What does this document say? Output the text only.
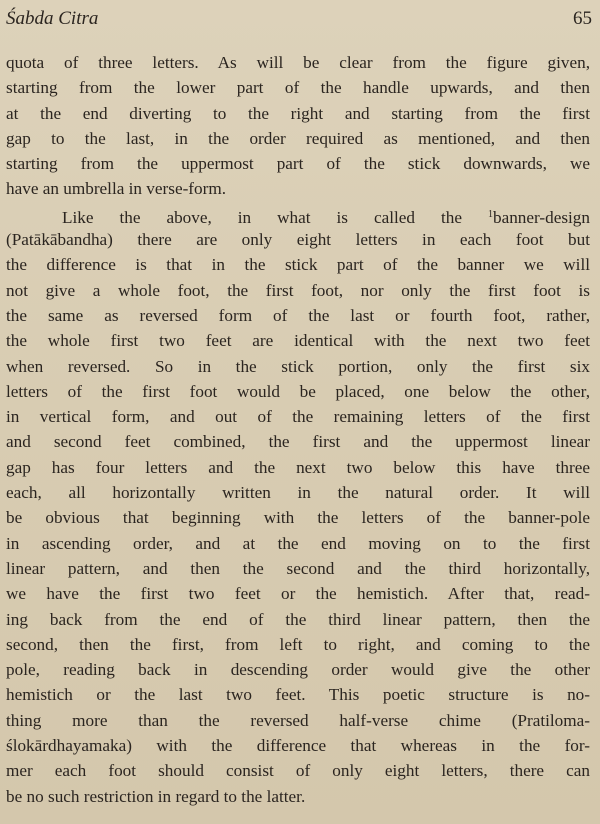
Śabda Citra	65
quota of three letters. As will be clear from the figure given,
starting from the lower part of the handle upwards, and then
at the end diverting to the right and starting from the first
gap to the last, in the order required as mentioned, and then
starting from the uppermost part of the stick downwards, we
have an umbrella in verse-form.
Like the above, in what is called the $^1$banner-design
(Patākābandha) there are only eight letters in each foot but
the difference is that in the stick part of the banner we will
not give a whole foot, the first foot, nor only the first foot is
the same as reversed form of the last or fourth foot, rather,
the whole first two feet are identical with the next two feet
when reversed. So in the stick portion, only the first six
letters of the first foot would be placed, one below the other,
in vertical form, and out of the remaining letters of the first
and second feet combined, the first and the uppermost linear
gap has four letters and the next two below this have three
each, all horizontally written in the natural order. It will
be obvious that beginning with the letters of the banner-pole
in ascending order, and at the end moving on to the first
linear pattern, and then the second and the third horizontally,
we have the first two feet or the hemistich. After that, read-
ing back from the end of the third linear pattern, then the
second, then the first, from left to right, and coming to the
pole, reading back in descending order would give the other
hemistich or the last two feet. This poetic structure is no-
thing more than the reversed half-verse chime (Pratiloma-
ślokārdhayamaka) with the difference that whereas in the for-
mer each foot should consist of only eight letters, there can
be no such restriction in regard to the latter.
